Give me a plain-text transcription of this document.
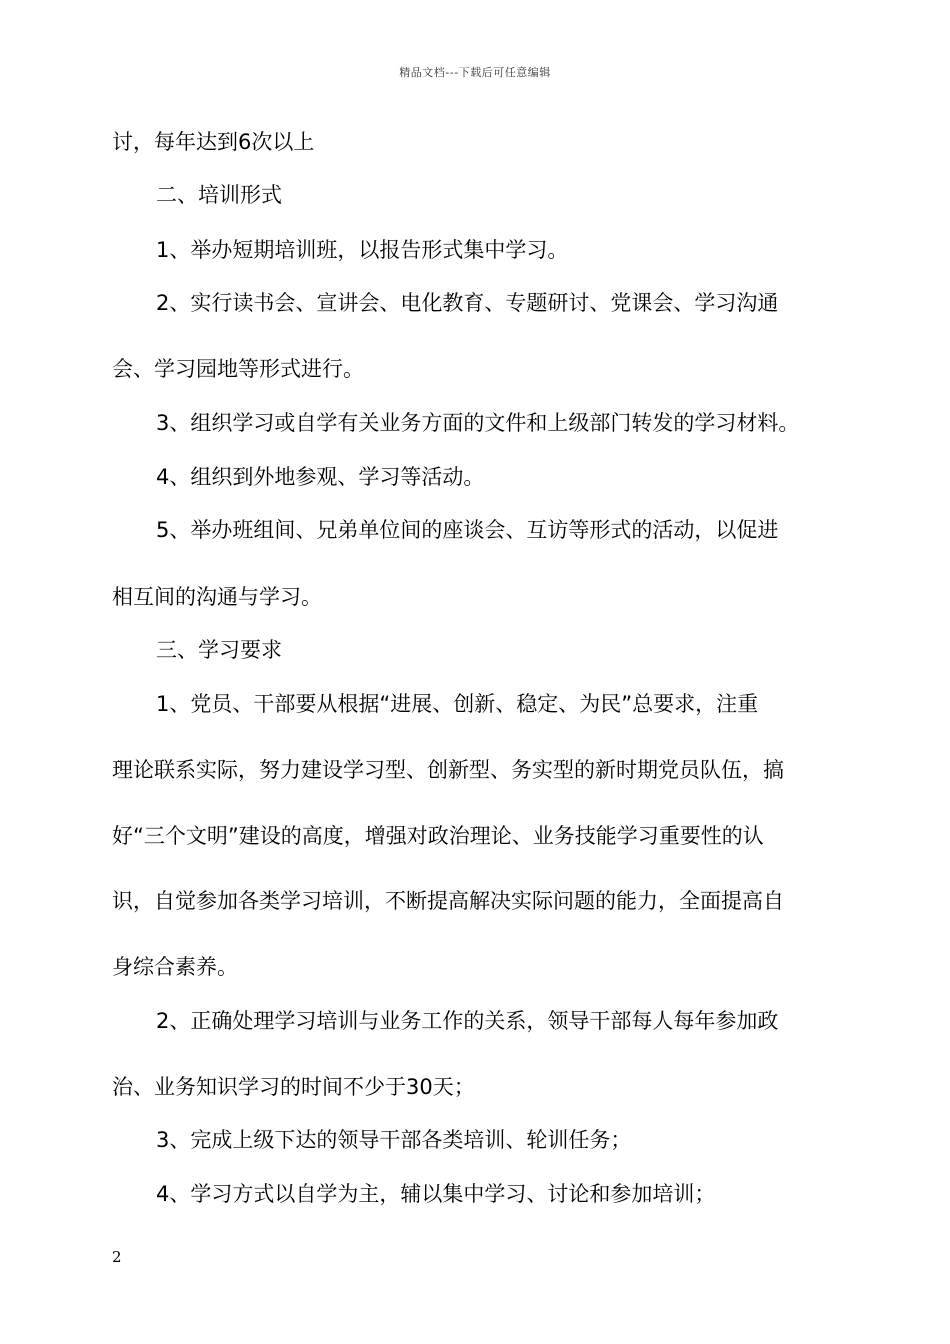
精品文档---下载后可任意编辑
讨，每年达到6次以上
二、培训形式
1、举办短期培训班，以报告形式集中学习。
2、实行读书会、宣讲会、电化教育、专题研讨、党课会、学习沟通
会、学习园地等形式进行。
3、组织学习或自学有关业务方面的文件和上级部门转发的学习材料。
4、组织到外地参观、学习等活动。
5、举办班组间、兄弟单位间的座谈会、互访等形式的活动，以促进
相互间的沟通与学习。
三、学习要求
1、党员、干部要从根据“进展、创新、稳定、为民”总要求，注重
理论联系实际，努力建设学习型、创新型、务实型的新时期党员队伍，搞
好“三个文明”建设的高度，增强对政治理论、业务技能学习重要性的认
识，自觉参加各类学习培训，不断提高解决实际问题的能力，全面提高自
身综合素养。
2、正确处理学习培训与业务工作的关系，领导干部每人每年参加政
治、业务知识学习的时间不少于30天；
3、完成上级下达的领导干部各类培训、轮训任务；
4、学习方式以自学为主，辅以集中学习、讨论和参加培训；
2
